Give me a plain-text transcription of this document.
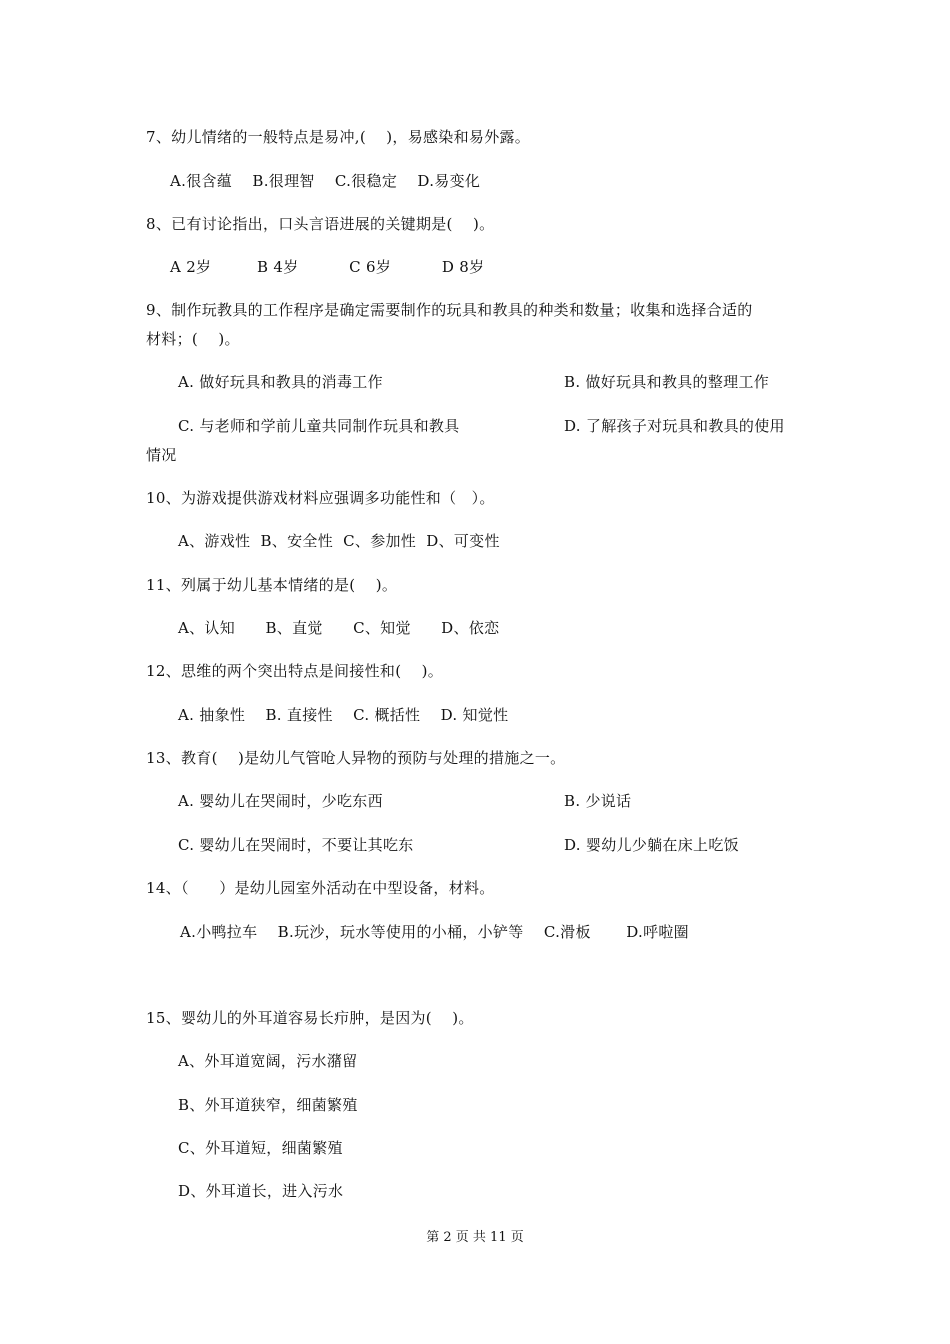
7、幼儿情绪的一般特点是易冲,(    )，易感染和易外露。
A.很含蕴    B.很理智    C.很稳定    D.易变化
8、已有讨论指出，口头言语进展的关键期是(    )。
A 2岁         B 4岁          C 6岁          D 8岁
9、制作玩教具的工作程序是确定需要制作的玩具和教具的种类和数量；收集和选择合适的
材料；(    )。
A. 做好玩具和教具的消毒工作	B. 做好玩具和教具的整理工作
C. 与老师和学前儿童共同制作玩具和教具	D. 了解孩子对玩具和教具的使用
情况
10、为游戏提供游戏材料应强调多功能性和（   ）。
A、游戏性  B、安全性  C、参加性  D、可变性
11、列属于幼儿基本情绪的是(    )。
A、认知      B、直觉      C、知觉      D、依恋
12、思维的两个突出特点是间接性和(    )。
A. 抽象性    B. 直接性    C. 概括性    D. 知觉性
13、教育(    )是幼儿气管呛人异物的预防与处理的措施之一。
A. 婴幼儿在哭闹时，少吃东西	B. 少说话
C. 婴幼儿在哭闹时，不要让其吃东	D. 婴幼儿少躺在床上吃饭
14、（      ）是幼儿园室外活动在中型设备，材料。
A.小鸭拉车    B.玩沙，玩水等使用的小桶，小铲等    C.滑板       D.呼啦圈
15、婴幼儿的外耳道容易长疖肿，是因为(    )。
A、外耳道宽阔，污水潴留
B、外耳道狭窄，细菌繁殖
C、外耳道短，细菌繁殖
D、外耳道长，进入污水
第 2 页 共 11 页
